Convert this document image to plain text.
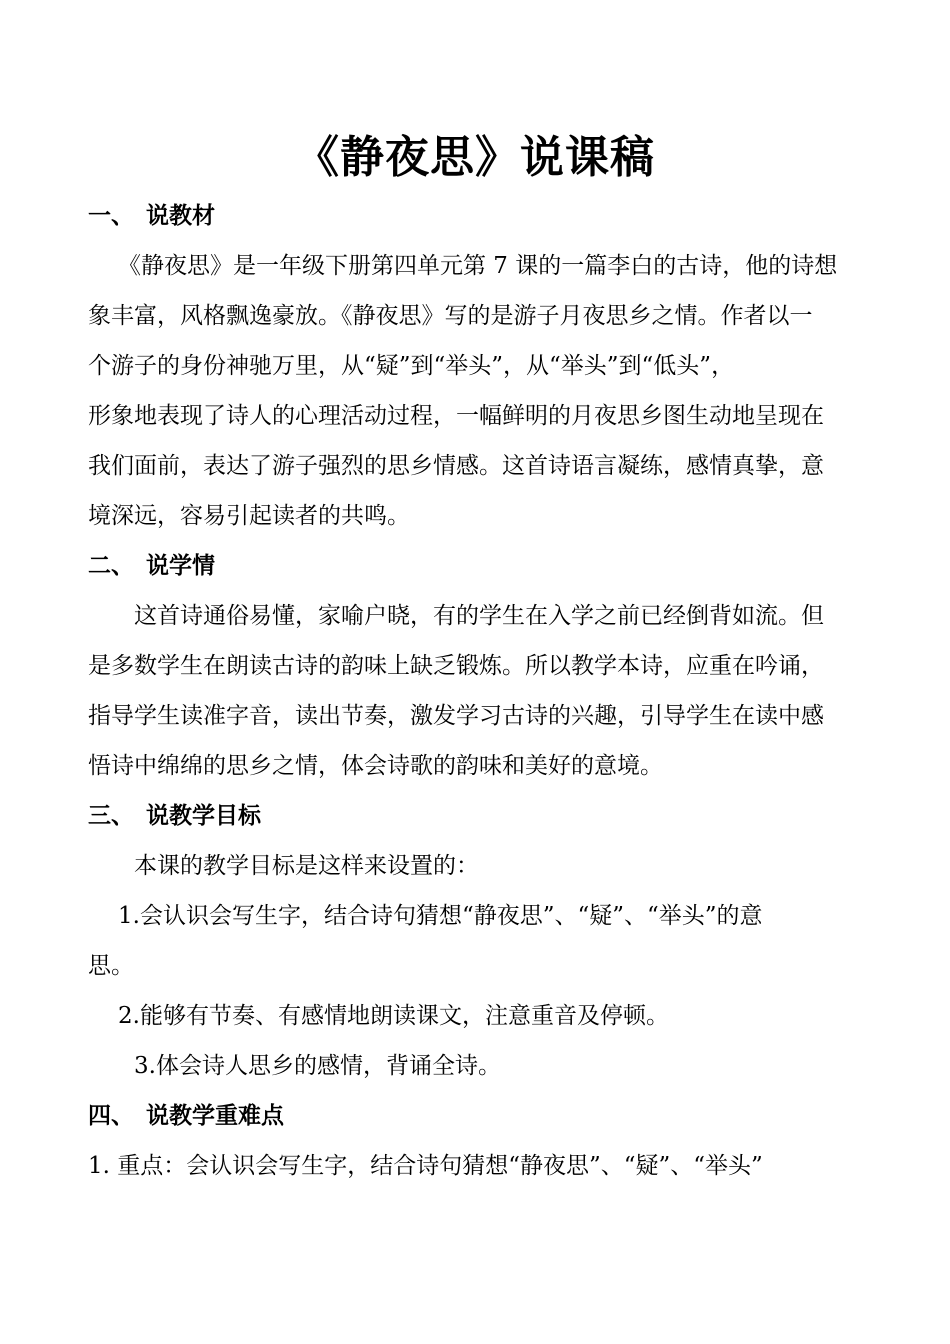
《静夜思》说课稿
一、 说教材
《静夜思》是一年级下册第四单元第 7 课的一篇李白的古诗，他的诗想
象丰富，风格飘逸豪放。《静夜思》写的是游子月夜思乡之情。作者以一
个游子的身份神驰万里，从“疑”到“举头”，从“举头”到“低头”，
形象地表现了诗人的心理活动过程，一幅鲜明的月夜思乡图生动地呈现在
我们面前，表达了游子强烈的思乡情感。这首诗语言凝练，感情真挚，意
境深远，容易引起读者的共鸣。
二、 说学情
这首诗通俗易懂，家喻户晓，有的学生在入学之前已经倒背如流。但
是多数学生在朗读古诗的韵味上缺乏锻炼。所以教学本诗，应重在吟诵，
指导学生读准字音，读出节奏，激发学习古诗的兴趣，引导学生在读中感
悟诗中绵绵的思乡之情，体会诗歌的韵味和美好的意境。
三、 说教学目标
本课的教学目标是这样来设置的：
1.会认识会写生字，结合诗句猜想“静夜思”、“疑”、“举头”的意
思。
2.能够有节奏、有感情地朗读课文，注意重音及停顿。
3.体会诗人思乡的感情，背诵全诗。
四、 说教学重难点
1. 重点：会认识会写生字，结合诗句猜想“静夜思”、“疑”、“举头”
